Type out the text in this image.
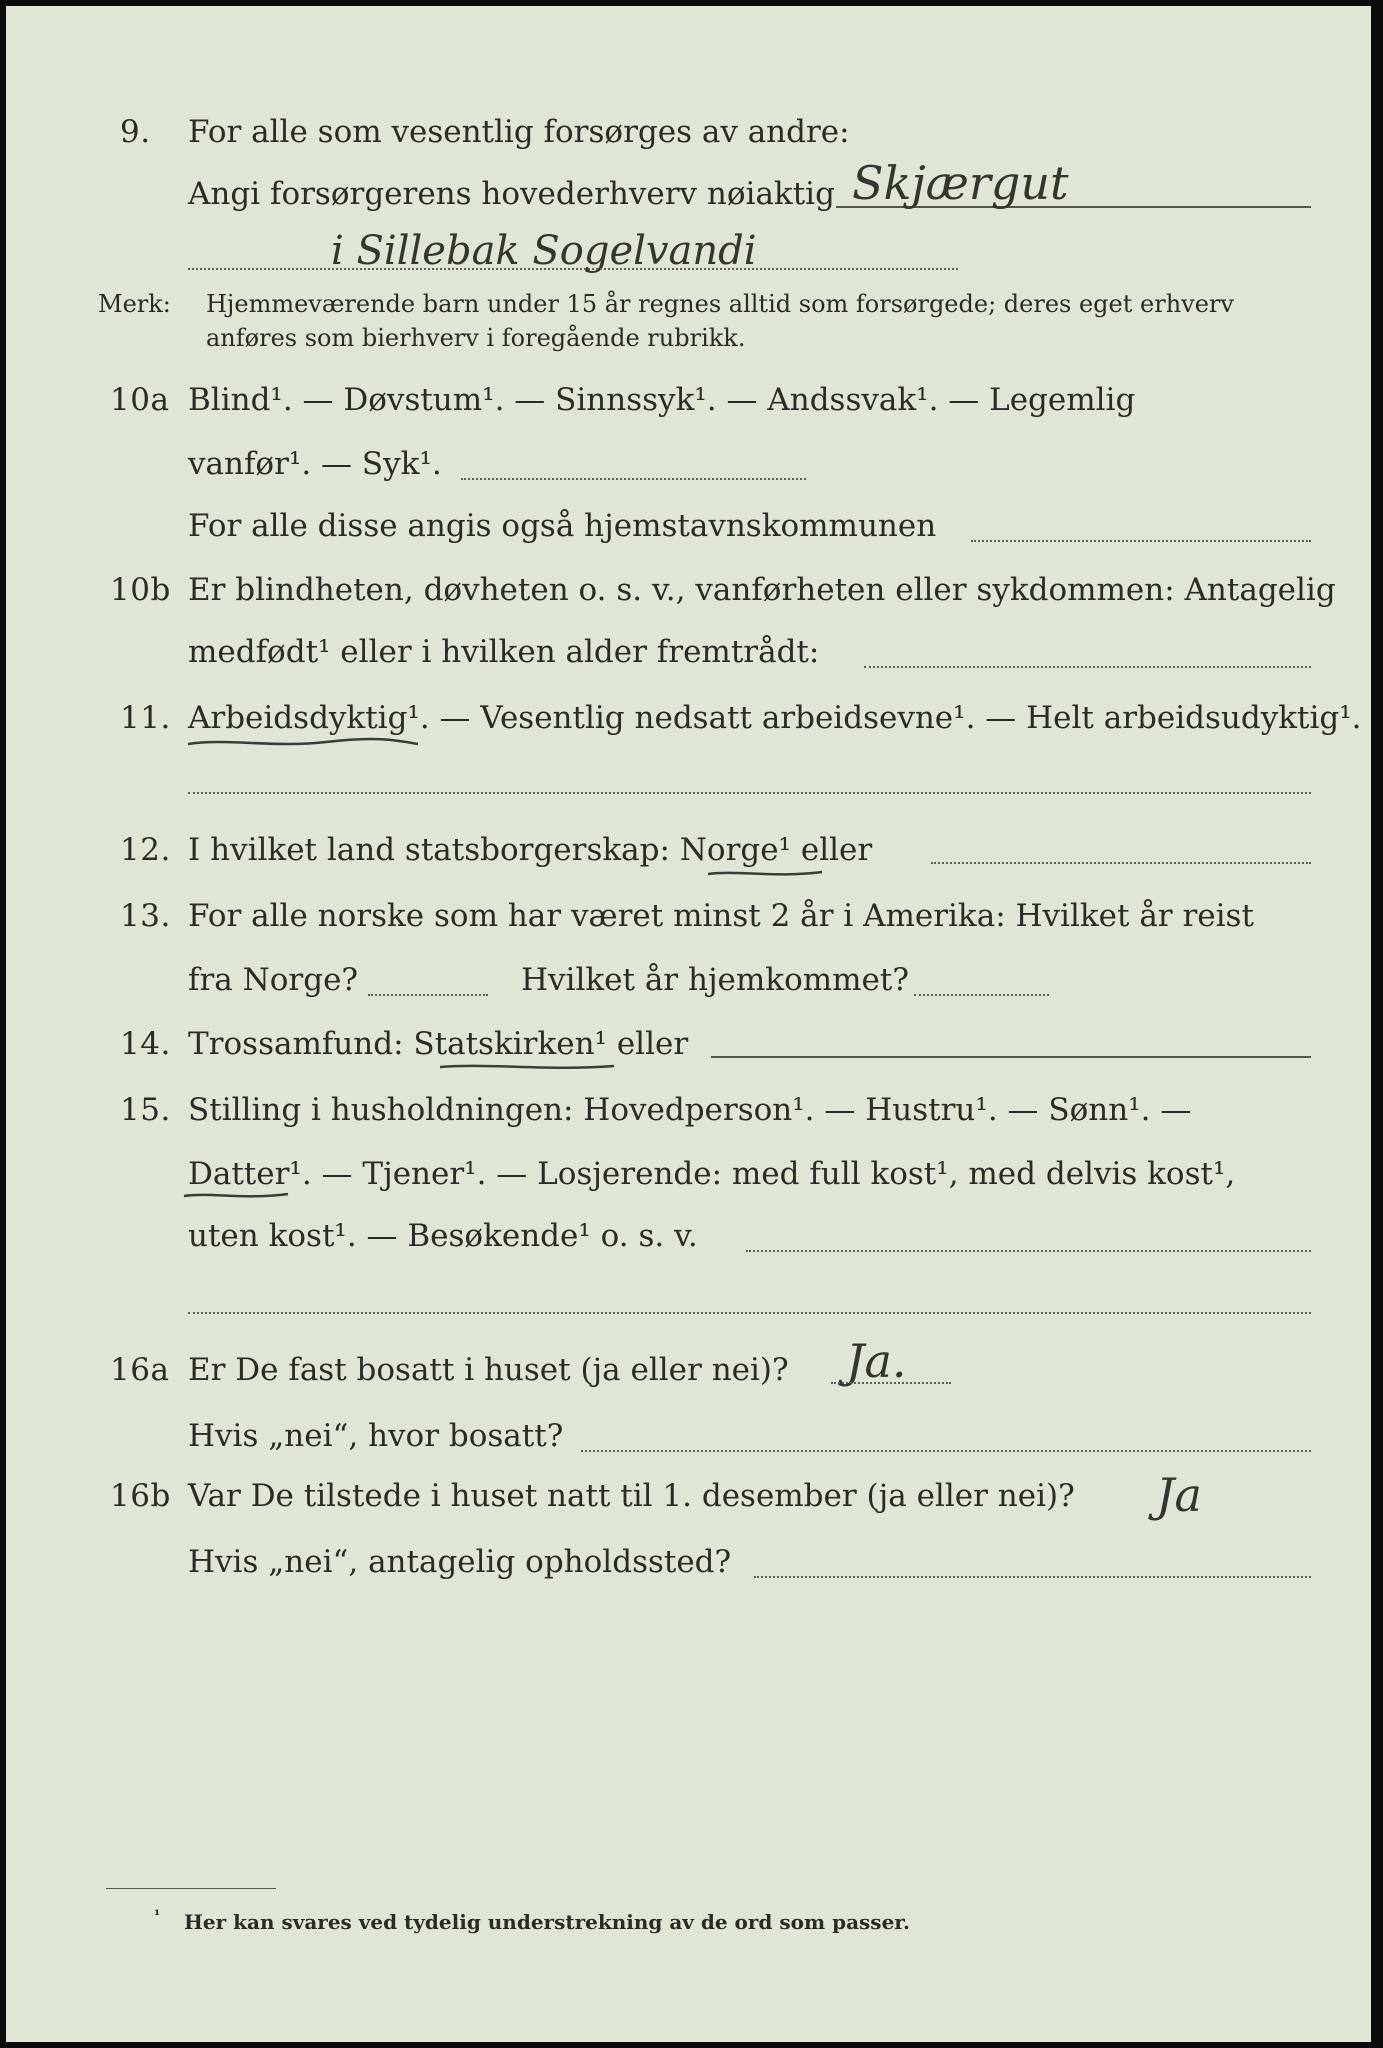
9. For alle som vesentlig forsørges av andre:
Angi forsørgerens hovederhverv nøiaktig Skjærgut
i Sillebak Sogelvandi
Merk: Hjemmeværende barn under 15 år regnes alltid som forsørgede; deres eget erhverv
anføres som bierhverv i foregående rubrikk.
10a Blind¹. — Døvstum¹. — Sinnssyk¹. — Andssvak¹. — Legemlig
vanfør¹. — Syk¹.
For alle disse angis også hjemstavnskommunen
10b Er blindheten, døvheten o. s. v., vanførheten eller sykdommen: Antagelig
medfødt¹ eller i hvilken alder fremtrådt:
11. Arbeidsdyktig¹. — Vesentlig nedsatt arbeidsevne¹. — Helt arbeidsudyktig¹.
12. I hvilket land statsborgerskap: Norge¹ eller
13. For alle norske som har været minst 2 år i Amerika: Hvilket år reist
fra Norge?	Hvilket år hjemkommet?
14. Trossamfund: Statskirken¹ eller
15. Stilling i husholdningen: Hovedperson¹. — Hustru¹. — Sønn¹. —
Datter¹. — Tjener¹. — Losjerende: med full kost¹, med delvis kost¹,
uten kost¹. — Besøkende¹ o. s. v.
16a Er De fast bosatt i huset (ja eller nei)? Ja.
Hvis „nei“, hvor bosatt?
16b Var De tilstede i huset natt til 1. desember (ja eller nei)? Ja
Hvis „nei“, antagelig opholdssted?
¹ Her kan svares ved tydelig understrekning av de ord som passer.
